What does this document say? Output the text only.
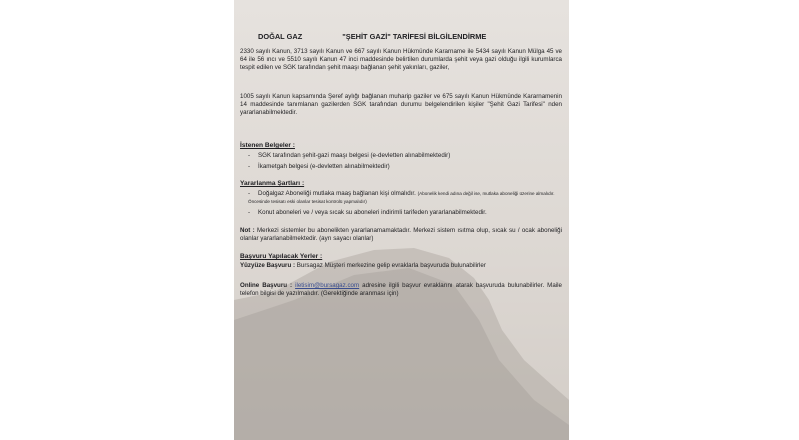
DOĞAL GAZ	"ŞEHİT GAZİ" TARİFESİ BİLGİLENDİRME
2330 sayılı Kanun, 3713 sayılı Kanun ve 667 sayılı Kanun Hükmünde Kararname ile 5434 sayılı Kanun Mülga 45 ve 64 ile 56 ıncı ve 5510 sayılı Kanun 47 inci maddesinde belirtilen durumlarda şehit veya gazi olduğu ilgili kurumlarca tespit edilen ve SGK tarafından şehit maaşı bağlanan şehit yakınları, gaziler,
1005 sayılı Kanun kapsamında Şeref aylığı bağlanan muharip gaziler ve 675 sayılı Kanun Hükmünde Kararnamenin 14 maddesinde tanımlanan gazilerden SGK tarafından durumu belgelendirilen kişiler "Şehit Gazi Tarifesi" nden yararlanabilmektedir.
İstenen Belgeler :
- SGK tarafından şehit-gazi maaşı belgesi (e-devletten alınabilmektedir)
- İkametgah belgesi (e-devletten alınabilmektedir)
Yararlanma Şartları :
- Doğalgaz Aboneliği mutlaka maaş bağlanan kişi olmalıdır. (Abonelik kendi adına değil ise, mutlaka aboneliği üzerine almalıdır. Öncesinde tesisatı eski olanlar tesisat kontrolü yapmalıdır)
- Konut aboneleri ve / veya sıcak su aboneleri indirimli tarifeden yararlanabilmektedir.
Not : Merkezi sistemler bu abonelikten yararlanamamaktadır. Merkezi sistem ısıtma olup, sıcak su / ocak aboneliği olanlar yararlanabilmektedir. (ayrı sayacı olanlar)
Başvuru Yapılacak Yerler :
Yüzyüze Başvuru : Bursagaz Müşteri merkezine gelip evraklarla başvuruda bulunabilirler
Online Başvuru : iletisim@bursagaz.com adresine ilgili başvur evraklarını atarak başvuruda bulunabilirler. Maile telefon bilgisi de yazılmalıdır. (Gerektiğinde aranması için)
